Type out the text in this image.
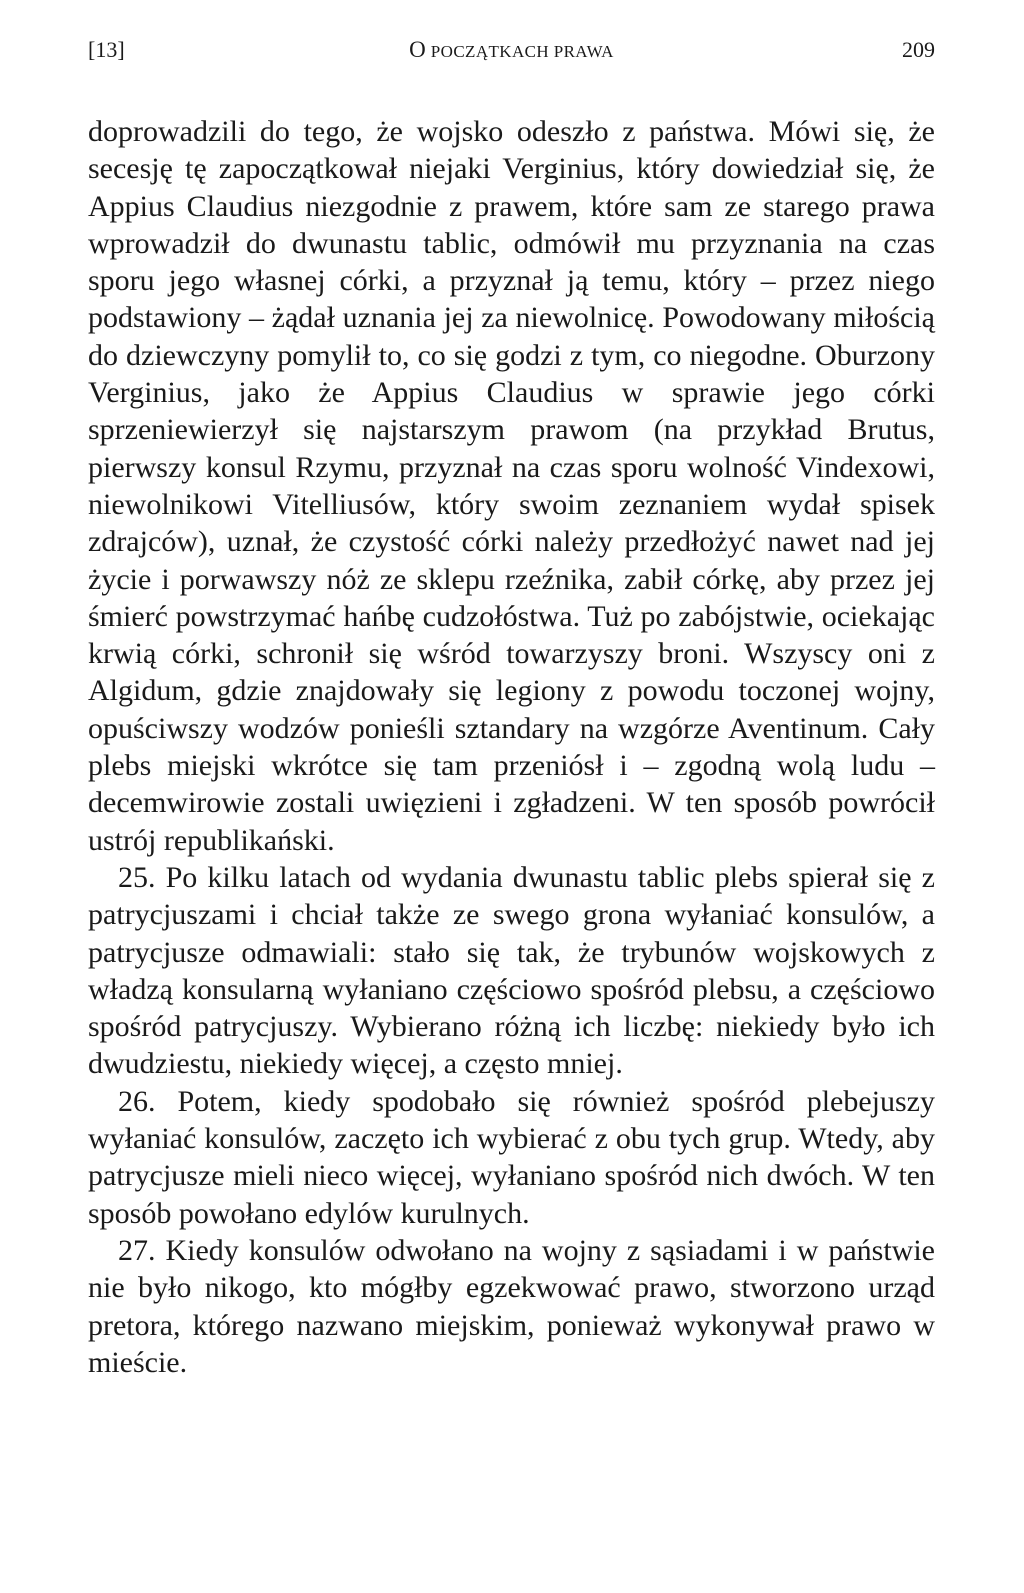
[13]	O POCZĄTKACH PRAWA	209

doprowadzili do tego, że wojsko odeszło z państwa. Mówi się, że secesję tę zapoczątkował niejaki Verginius, który dowiedział się, że Appius Claudius niezgodnie z prawem, które sam ze starego prawa wprowadził do dwunastu tablic, odmówił mu przyznania na czas sporu jego własnej córki, a przyznał ją temu, który – przez niego podstawiony – żądał uznania jej za niewolnicę. Powodowany miłością do dziewczyny pomylił to, co się godzi z tym, co niegodne. Oburzony Verginius, jako że Appius Claudius w sprawie jego córki sprzeniewierzył się najstarszym prawom (na przykład Brutus, pierwszy konsul Rzymu, przyznał na czas sporu wolność Vindexowi, niewolnikowi Vitelliusów, który swoim zeznaniem wydał spisek zdrajców), uznał, że czystość córki należy przedłożyć nawet nad jej życie i porwawszy nóż ze sklepu rzeźnika, zabił córkę, aby przez jej śmierć powstrzymać hańbę cudzołóstwa. Tuż po zabójstwie, ociekając krwią córki, schronił się wśród towarzyszy broni. Wszyscy oni z Algidum, gdzie znajdowały się legiony z powodu toczonej wojny, opuściwszy wodzów ponieśli sztandary na wzgórze Aventinum. Cały plebs miejski wkrótce się tam przeniósł i – zgodną wolą ludu – decemwirowie zostali uwięzieni i zgładzeni. W ten sposób powrócił ustrój republikański.

25. Po kilku latach od wydania dwunastu tablic plebs spierał się z patrycjuszami i chciał także ze swego grona wyłaniać konsulów, a patrycjusze odmawiali: stało się tak, że trybunów wojskowych z władzą konsularną wyłaniano częściowo spośród plebsu, a częściowo spośród patrycjuszy. Wybierano różną ich liczbę: niekiedy było ich dwudziestu, niekiedy więcej, a często mniej.

26. Potem, kiedy spodobało się również spośród plebejuszy wyłaniać konsulów, zaczęto ich wybierać z obu tych grup. Wtedy, aby patrycjusze mieli nieco więcej, wyłaniano spośród nich dwóch. W ten sposób powołano edylów kurulnych.

27. Kiedy konsulów odwołano na wojny z sąsiadami i w państwie nie było nikogo, kto mógłby egzekwować prawo, stworzono urząd pretora, którego nazwano miejskim, ponieważ wykonywał prawo w mieście.
